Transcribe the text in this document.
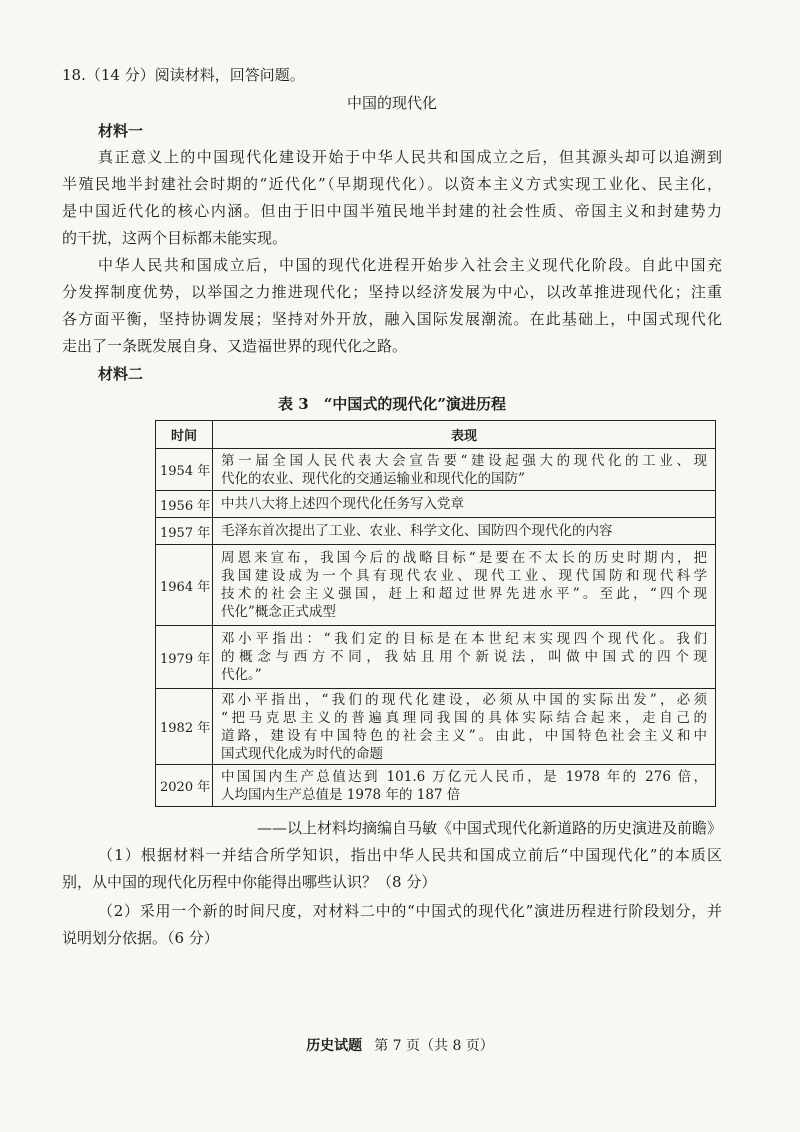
18.（14 分）阅读材料，回答问题。
中国的现代化
材料一
真正意义上的中国现代化建设开始于中华人民共和国成立之后，但其源头却可以追溯到
半殖民地半封建社会时期的“近代化”（早期现代化）。以资本主义方式实现工业化、民主化，
是中国近代化的核心内涵。但由于旧中国半殖民地半封建的社会性质、帝国主义和封建势力
的干扰，这两个目标都未能实现。
中华人民共和国成立后，中国的现代化进程开始步入社会主义现代化阶段。自此中国充
分发挥制度优势，以举国之力推进现代化；坚持以经济发展为中心，以改革推进现代化；注重
各方面平衡，坚持协调发展；坚持对外开放，融入国际发展潮流。在此基础上，中国式现代化
走出了一条既发展自身、又造福世界的现代化之路。
材料二
表 3　“中国式的现代化”演进历程
时间	表现
1954 年	第一届全国人民代表大会宣告要“建设起强大的现代化的工业、现
代化的农业、现代化的交通运输业和现代化的国防”

1956 年	中共八大将上述四个现代化任务写入党章

1957 年	毛泽东首次提出了工业、农业、科学文化、国防四个现代化的内容

1964 年	周恩来宣布，我国今后的战略目标“是要在不太长的历史时期内，把
我国建设成为一个具有现代农业、现代工业、现代国防和现代科学
技术的社会主义强国，赶上和超过世界先进水平”。至此，“四个现
代化”概念正式成型

1979 年	邓小平指出：“我们定的目标是在本世纪末实现四个现代化。我们
的概念与西方不同，我姑且用个新说法，叫做中国式的四个现
代化。”

1982 年	邓小平指出，“我们的现代化建设，必须从中国的实际出发”，必须
“把马克思主义的普遍真理同我国的具体实际结合起来，走自己的
道路，建设有中国特色的社会主义”。由此，中国特色社会主义和中
国式现代化成为时代的命题

2020 年	中国国内生产总值达到 101.6 万亿元人民币，是 1978 年的 276 倍，
人均国内生产总值是 1978 年的 187 倍
——以上材料均摘编自马敏《中国式现代化新道路的历史演进及前瞻》
（1）根据材料一并结合所学知识，指出中华人民共和国成立前后“中国现代化”的本质区
别，从中国的现代化历程中你能得出哪些认识？（8 分）
（2）采用一个新的时间尺度，对材料二中的“中国式的现代化”演进历程进行阶段划分，并
说明划分依据。（6 分）
历史试题 第 7 页（共 8 页）
